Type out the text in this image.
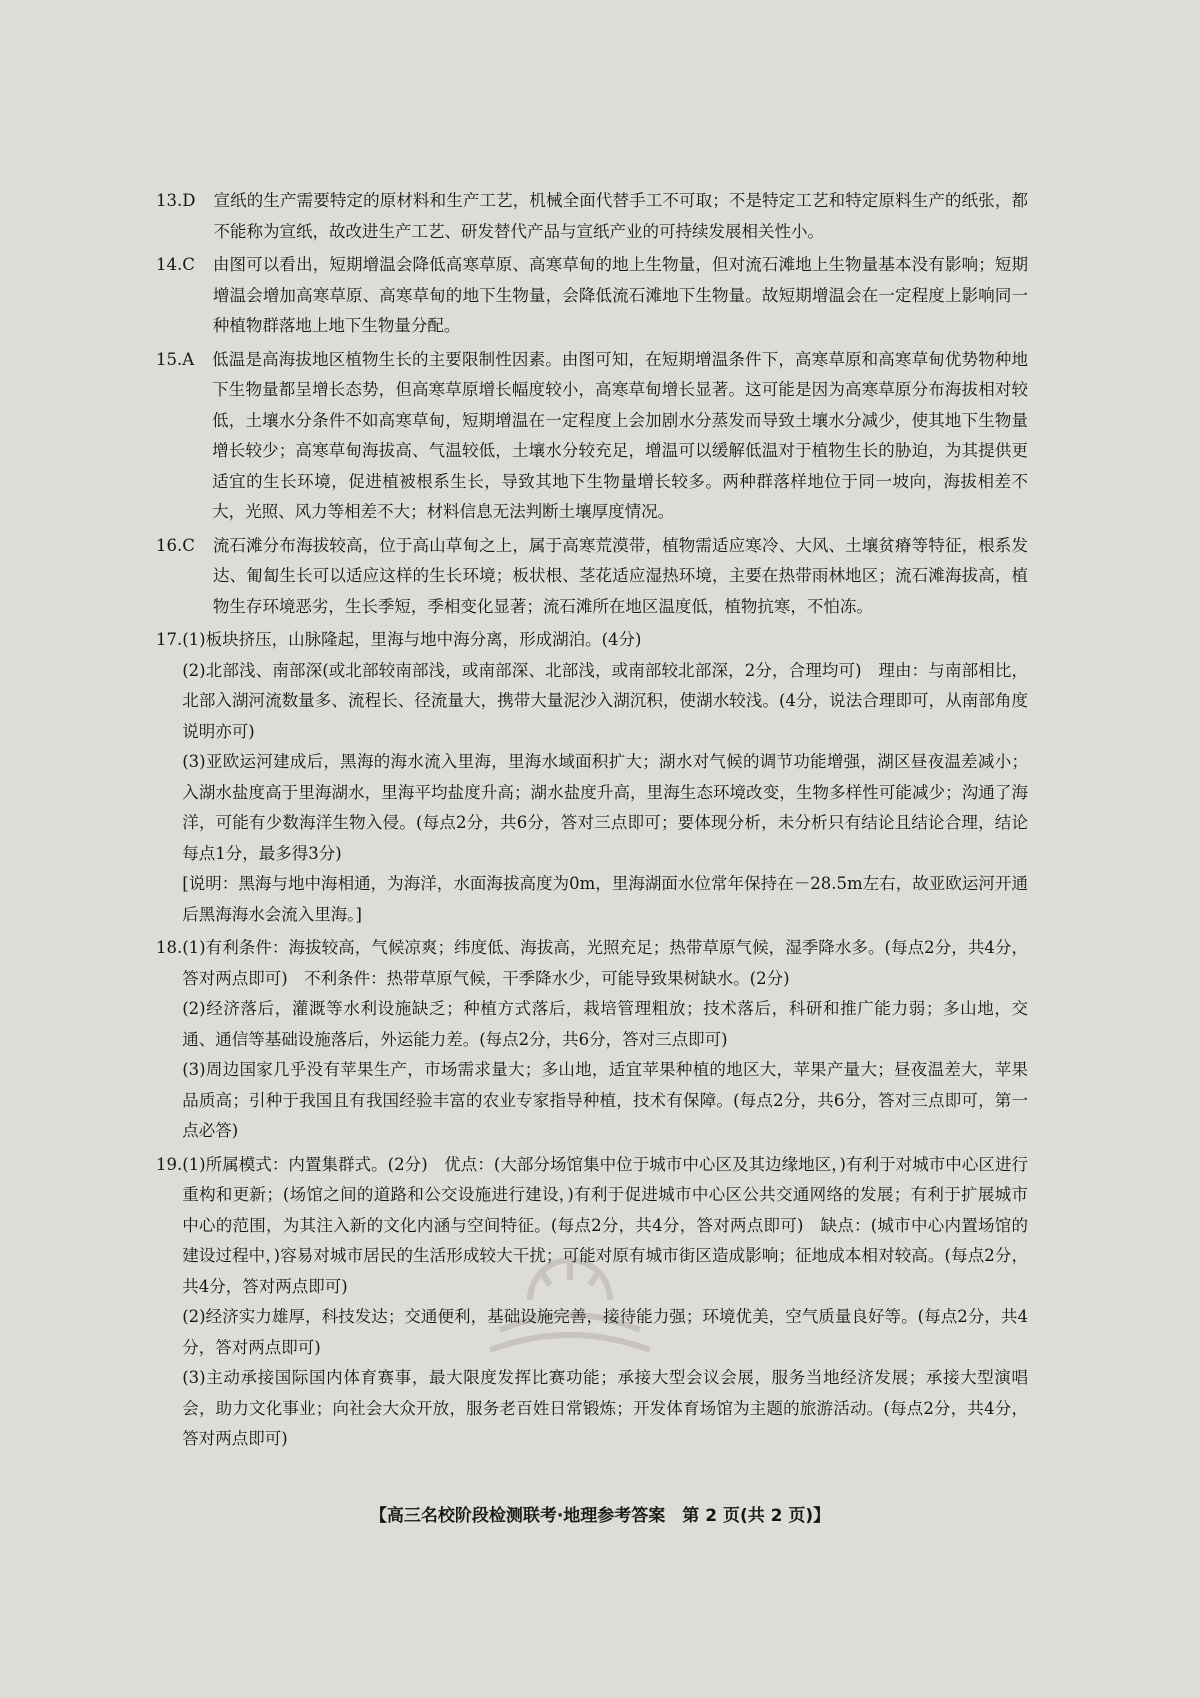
13.D	宣纸的生产需要特定的原材料和生产工艺，机械全面代替手工不可取；不是特定工艺和特定原料生产的纸张，都不能称为宣纸，故改进生产工艺、研发替代产品与宣纸产业的可持续发展相关性小。
14.C	由图可以看出，短期增温会降低高寒草原、高寒草甸的地上生物量，但对流石滩地上生物量基本没有影响；短期增温会增加高寒草原、高寒草甸的地下生物量，会降低流石滩地下生物量。故短期增温会在一定程度上影响同一种植物群落地上地下生物量分配。
15.A	低温是高海拔地区植物生长的主要限制性因素。由图可知，在短期增温条件下，高寒草原和高寒草甸优势物种地下生物量都呈增长态势，但高寒草原增长幅度较小，高寒草甸增长显著。这可能是因为高寒草原分布海拔相对较低，土壤水分条件不如高寒草甸，短期增温在一定程度上会加剧水分蒸发而导致土壤水分减少，使其地下生物量增长较少；高寒草甸海拔高、气温较低，土壤水分较充足，增温可以缓解低温对于植物生长的胁迫，为其提供更适宜的生长环境，促进植被根系生长，导致其地下生物量增长较多。两种群落样地位于同一坡向，海拔相差不大，光照、风力等相差不大；材料信息无法判断土壤厚度情况。
16.C	流石滩分布海拔较高，位于高山草甸之上，属于高寒荒漠带，植物需适应寒冷、大风、土壤贫瘠等特征，根系发达、匍匐生长可以适应这样的生长环境；板状根、茎花适应湿热环境，主要在热带雨林地区；流石滩海拔高，植物生存环境恶劣，生长季短，季相变化显著；流石滩所在地区温度低，植物抗寒，不怕冻。
17. (1)板块挤压，山脉隆起，里海与地中海分离，形成湖泊。(4分)

(2)北部浅、南部深(或北部较南部浅，或南部深、北部浅，或南部较北部深，2分，合理均可)　理由：与南部相比，北部入湖河流数量多、流程长、径流量大，携带大量泥沙入湖沉积，使湖水较浅。(4分，说法合理即可，从南部角度说明亦可)

(3)亚欧运河建成后，黑海的海水流入里海，里海水域面积扩大；湖水对气候的调节功能增强，湖区昼夜温差减小；入湖水盐度高于里海湖水，里海平均盐度升高；湖水盐度升高，里海生态环境改变，生物多样性可能减少；沟通了海洋，可能有少数海洋生物入侵。(每点2分，共6分，答对三点即可；要体现分析，未分析只有结论且结论合理，结论每点1分，最多得3分)

[说明：黑海与地中海相通，为海洋，水面海拔高度为0m，里海湖面水位常年保持在－28.5m左右，故亚欧运河开通后黑海海水会流入里海。]

18. (1)有利条件：海拔较高，气候凉爽；纬度低、海拔高，光照充足；热带草原气候，湿季降水多。(每点2分，共4分，答对两点即可)　不利条件：热带草原气候，干季降水少，可能导致果树缺水。(2分)

(2)经济落后，灌溉等水利设施缺乏；种植方式落后，栽培管理粗放；技术落后，科研和推广能力弱；多山地，交通、通信等基础设施落后，外运能力差。(每点2分，共6分，答对三点即可)

(3)周边国家几乎没有苹果生产，市场需求量大；多山地，适宜苹果种植的地区大，苹果产量大；昼夜温差大，苹果品质高；引种于我国且有我国经验丰富的农业专家指导种植，技术有保障。(每点2分，共6分，答对三点即可，第一点必答)

19. (1)所属模式：内置集群式。(2分)　优点：(大部分场馆集中位于城市中心区及其边缘地区，)有利于对城市中心区进行重构和更新；(场馆之间的道路和公交设施进行建设，)有利于促进城市中心区公共交通网络的发展；有利于扩展城市中心的范围，为其注入新的文化内涵与空间特征。(每点2分，共4分，答对两点即可)　缺点：(城市中心内置场馆的建设过程中，)容易对城市居民的生活形成较大干扰；可能对原有城市街区造成影响；征地成本相对较高。(每点2分，共4分，答对两点即可)

(2)经济实力雄厚，科技发达；交通便利，基础设施完善，接待能力强；环境优美，空气质量良好等。(每点2分，共4分，答对两点即可)

(3)主动承接国际国内体育赛事，最大限度发挥比赛功能；承接大型会议会展，服务当地经济发展；承接大型演唱会，助力文化事业；向社会大众开放，服务老百姓日常锻炼；开发体育场馆为主题的旅游活动。(每点2分，共4分，答对两点即可)

【高三名校阶段检测联考·地理参考答案　第 2 页(共 2 页)】
